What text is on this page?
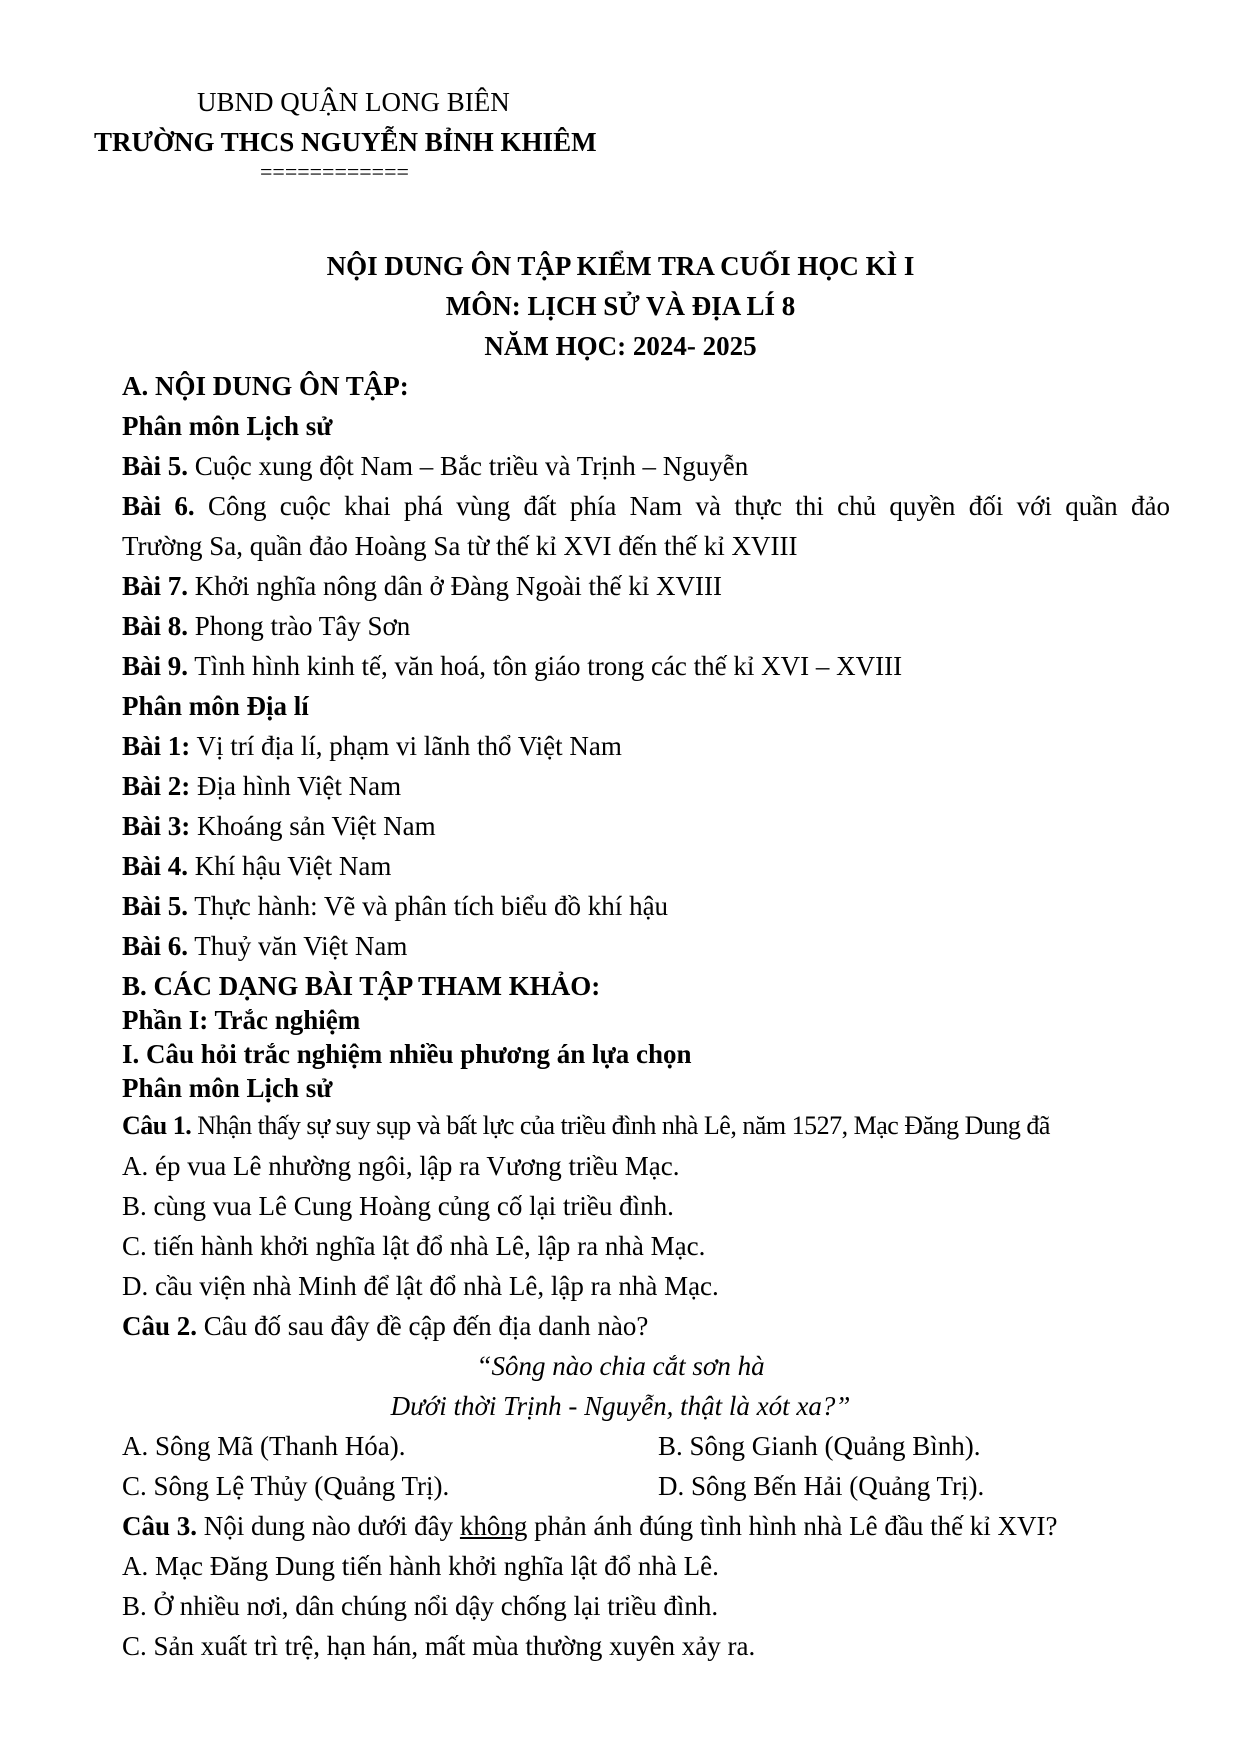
UBND QUẬN LONG BIÊN
TRƯỜNG THCS NGUYỄN BỈNH KHIÊM
============
NỘI DUNG ÔN TẬP KIỂM TRA CUỐI HỌC KÌ I
MÔN: LỊCH SỬ VÀ ĐỊA LÍ 8
NĂM HỌC: 2024- 2025
A. NỘI DUNG ÔN TẬP:
Phân môn Lịch sử
Bài 5. Cuộc xung đột Nam – Bắc triều và Trịnh – Nguyễn
Bài 6. Công cuộc khai phá vùng đất phía Nam và thực thi chủ quyền đối với quần đảo
Trường Sa, quần đảo Hoàng Sa từ thế kỉ XVI đến thế kỉ XVIII
Bài 7. Khởi nghĩa nông dân ở Đàng Ngoài thế kỉ XVIII
Bài 8. Phong trào Tây Sơn
Bài 9. Tình hình kinh tế, văn hoá, tôn giáo trong các thế kỉ XVI – XVIII
Phân môn Địa lí
Bài 1: Vị trí địa lí, phạm vi lãnh thổ Việt Nam
Bài 2: Địa hình Việt Nam
Bài 3: Khoáng sản Việt Nam
Bài 4. Khí hậu Việt Nam
Bài 5. Thực hành: Vẽ và phân tích biểu đồ khí hậu
Bài 6. Thuỷ văn Việt Nam
B. CÁC DẠNG BÀI TẬP THAM KHẢO:
Phần I: Trắc nghiệm
I. Câu hỏi trắc nghiệm nhiều phương án lựa chọn
Phân môn Lịch sử
Câu 1. Nhận thấy sự suy sụp và bất lực của triều đình nhà Lê, năm 1527, Mạc Đăng Dung đã
A. ép vua Lê nhường ngôi, lập ra Vương triều Mạc.
B. cùng vua Lê Cung Hoàng củng cố lại triều đình.
C. tiến hành khởi nghĩa lật đổ nhà Lê, lập ra nhà Mạc.
D. cầu viện nhà Minh để lật đổ nhà Lê, lập ra nhà Mạc.
Câu 2. Câu đố sau đây đề cập đến địa danh nào?
“Sông nào chia cắt sơn hà
Dưới thời Trịnh - Nguyễn, thật là xót xa?”
A. Sông Mã (Thanh Hóa).	B. Sông Gianh (Quảng Bình).
C. Sông Lệ Thủy (Quảng Trị).	D. Sông Bến Hải (Quảng Trị).
Câu 3. Nội dung nào dưới đây không phản ánh đúng tình hình nhà Lê đầu thế kỉ XVI?
A. Mạc Đăng Dung tiến hành khởi nghĩa lật đổ nhà Lê.
B. Ở nhiều nơi, dân chúng nổi dậy chống lại triều đình.
C. Sản xuất trì trệ, hạn hán, mất mùa thường xuyên xảy ra.
